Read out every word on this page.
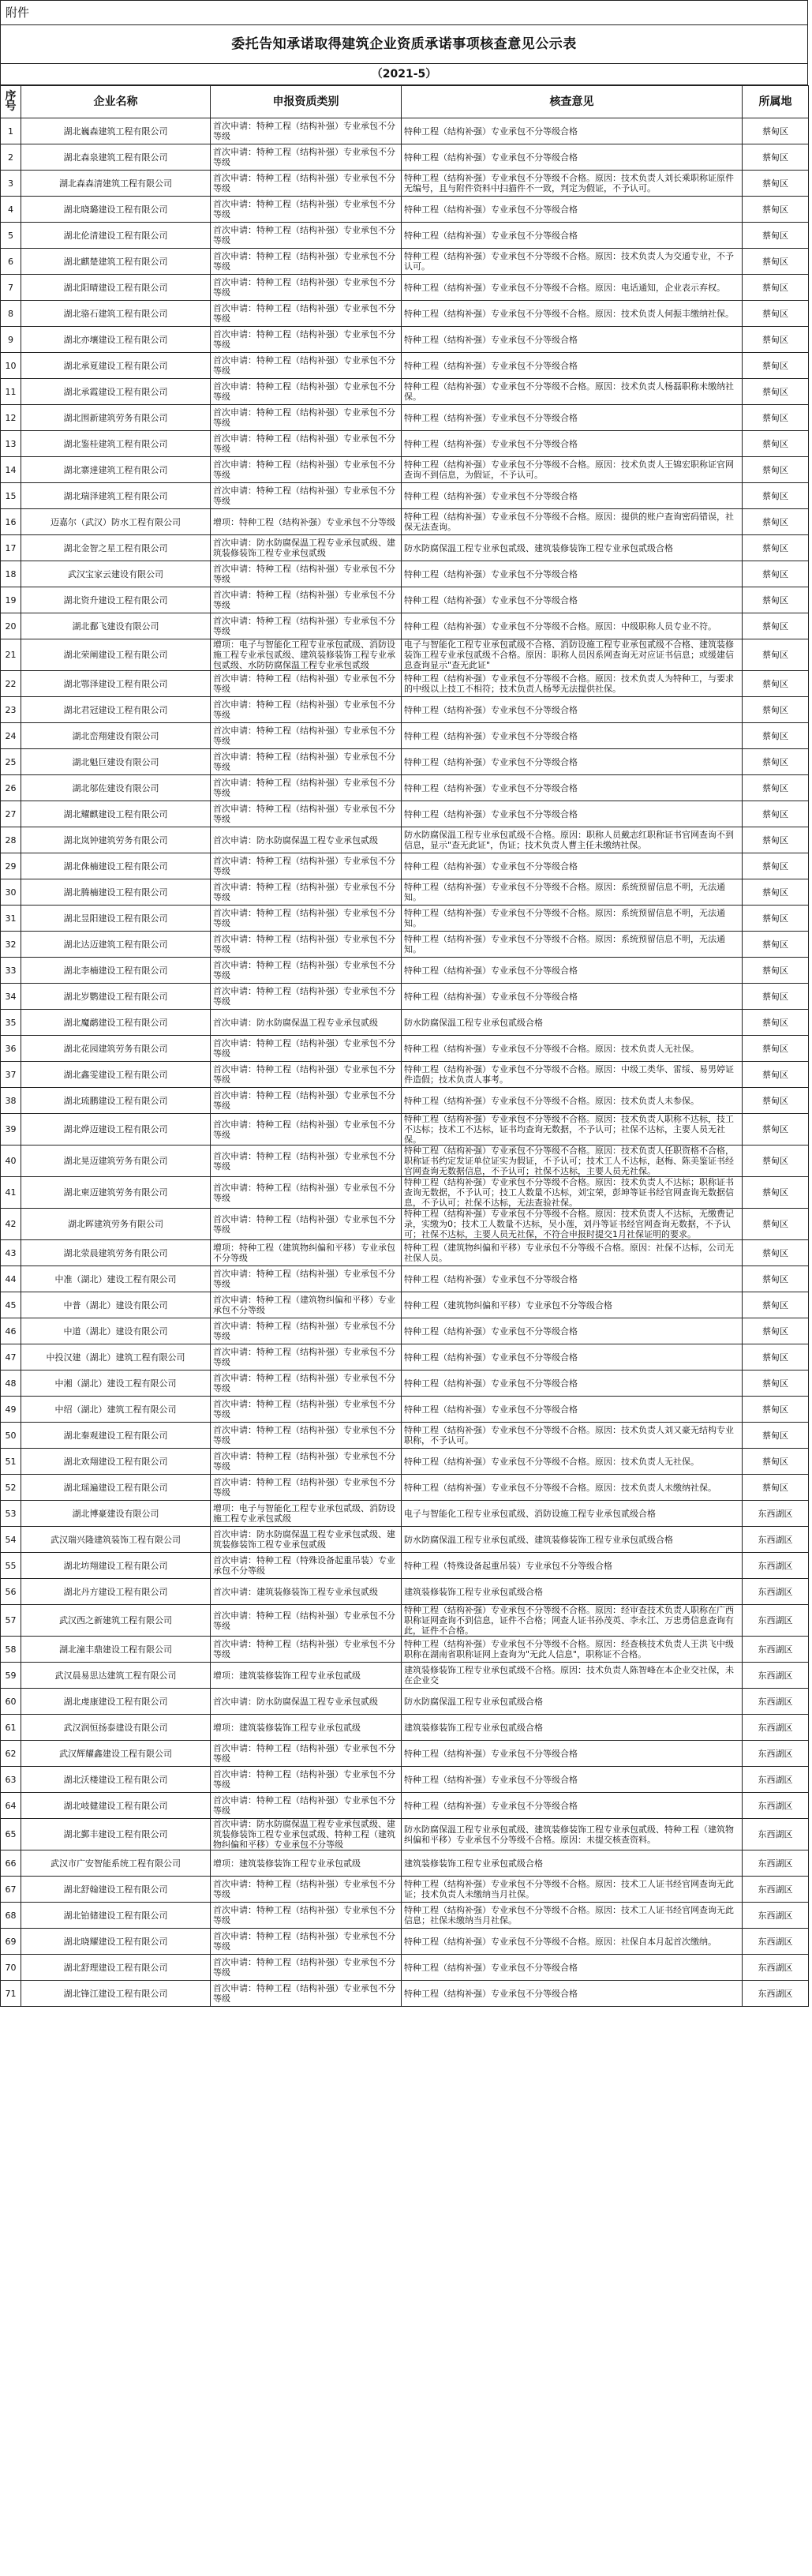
附件
委托告知承诺取得建筑企业资质承诺事项核查意见公示表
（2021-5）
序号	企业名称	申报资质类别	核查意见	所属地
1	湖北巍森建筑工程有限公司	首次申请：特种工程（结构补强）专业承包不分等级	特种工程（结构补强）专业承包不分等级合格	蔡甸区
2	湖北森泉建筑工程有限公司	首次申请：特种工程（结构补强）专业承包不分等级	特种工程（结构补强）专业承包不分等级合格	蔡甸区
3	湖北森森清建筑工程有限公司	首次申请：特种工程（结构补强）专业承包不分等级	特种工程（结构补强）专业承包不分等级不合格。原因：技术负责人刘长乘职称证原件无编号，且与附件资料中扫描件不一致，判定为假证，不予认可。	蔡甸区
4	湖北晓璐建设工程有限公司	首次申请：特种工程（结构补强）专业承包不分等级	特种工程（结构补强）专业承包不分等级合格	蔡甸区
5	湖北伦清建设工程有限公司	首次申请：特种工程（结构补强）专业承包不分等级	特种工程（结构补强）专业承包不分等级合格	蔡甸区
6	湖北麒楚建筑工程有限公司	首次申请：特种工程（结构补强）专业承包不分等级	特种工程（结构补强）专业承包不分等级不合格。原因：技术负责人为交通专业，不予认可。	蔡甸区
7	湖北阳晴建设工程有限公司	首次申请：特种工程（结构补强）专业承包不分等级	特种工程（结构补强）专业承包不分等级不合格。原因：电话通知，企业表示弃权。	蔡甸区
8	湖北骆石建筑工程有限公司	首次申请：特种工程（结构补强）专业承包不分等级	特种工程（结构补强）专业承包不分等级不合格。原因：技术负责人何振丰缴纳社保。	蔡甸区
9	湖北亦壤建设工程有限公司	首次申请：特种工程（结构补强）专业承包不分等级	特种工程（结构补强）专业承包不分等级合格	蔡甸区
10	湖北承夏建设工程有限公司	首次申请：特种工程（结构补强）专业承包不分等级	特种工程（结构补强）专业承包不分等级合格	蔡甸区
11	湖北承霞建设工程有限公司	首次申请：特种工程（结构补强）专业承包不分等级	特种工程（结构补强）专业承包不分等级不合格。原因：技术负责人杨磊职称未缴纳社保。	蔡甸区
12	湖北围新建筑劳务有限公司	首次申请：特种工程（结构补强）专业承包不分等级	特种工程（结构补强）专业承包不分等级合格	蔡甸区
13	湖北鉴桂建筑工程有限公司	首次申请：特种工程（结构补强）专业承包不分等级	特种工程（结构补强）专业承包不分等级合格	蔡甸区
14	湖北寨達建筑工程有限公司	首次申请：特种工程（结构补强）专业承包不分等级	特种工程（结构补强）专业承包不分等级不合格。原因：技术负责人王锦宏职称证官网查询不到信息，为假证，不予认可。	蔡甸区
15	湖北瑞泽建筑工程有限公司	首次申请：特种工程（结构补强）专业承包不分等级	特种工程（结构补强）专业承包不分等级合格	蔡甸区
16	迈嘉尔（武汉）防水工程有限公司	增项：特种工程（结构补强）专业承包不分等级	特种工程（结构补强）专业承包不分等级不合格。原因：提供的账户查询密码错误，社保无法查询。	蔡甸区
17	湖北金智之星工程有限公司	首次申请：防水防腐保温工程专业承包贰级、建筑装修装饰工程专业承包贰级	防水防腐保温工程专业承包贰级、建筑装修装饰工程专业承包贰级合格	蔡甸区
18	武汉宝家云建设有限公司	首次申请：特种工程（结构补强）专业承包不分等级	特种工程（结构补强）专业承包不分等级合格	蔡甸区
19	湖北资升建设工程有限公司	首次申请：特种工程（结构补强）专业承包不分等级	特种工程（结构补强）专业承包不分等级合格	蔡甸区
20	湖北鄱飞建设有限公司	首次申请：特种工程（结构补强）专业承包不分等级	特种工程（结构补强）专业承包不分等级不合格。原因：中级职称人员专业不符。	蔡甸区
21	湖北荣阐建设工程有限公司	增项：电子与智能化工程专业承包贰级、消防设施工程专业承包贰级、建筑装修装饰工程专业承包贰级、水防防腐保温工程专业承包贰级	电子与智能化工程专业承包贰级不合格、消防设施工程专业承包贰级不合格、建筑装修装饰工程专业承包贰级不合格。原因：职称人员因系网查询无对应证书信息；或缓建信息查询显示"查无此证"	蔡甸区
22	湖北鄂泽建设工程有限公司	首次申请：特种工程（结构补强）专业承包不分等级	特种工程（结构补强）专业承包不分等级不合格。原因：技术负责人为特种工，与要求的中级以上技工不相符；技术负责人杨琴无法提供社保。	蔡甸区
23	湖北君冠建设工程有限公司	首次申请：特种工程（结构补强）专业承包不分等级	特种工程（结构补强）专业承包不分等级合格	蔡甸区
24	湖北峦翔建设有限公司	首次申请：特种工程（结构补强）专业承包不分等级	特种工程（结构补强）专业承包不分等级合格	蔡甸区
25	湖北魁巨建设有限公司	首次申请：特种工程（结构补强）专业承包不分等级	特种工程（结构补强）专业承包不分等级合格	蔡甸区
26	湖北邬佐建设有限公司	首次申请：特种工程（结构补强）专业承包不分等级	特种工程（结构补强）专业承包不分等级合格	蔡甸区
27	湖北耀麒建设工程有限公司	首次申请：特种工程（结构补强）专业承包不分等级	特种工程（结构补强）专业承包不分等级合格	蔡甸区
28	湖北岚钟建筑劳务有限公司	首次申请：防水防腐保温工程专业承包贰级	防水防腐保温工程专业承包贰级不合格。原因：职称人员戴志红职称证书官网查询不到信息，显示"查无此证"，伪证；技术负责人曹主任未缴纳社保。	蔡甸区
29	湖北侏楠建设工程有限公司	首次申请：特种工程（结构补强）专业承包不分等级	特种工程（结构补强）专业承包不分等级合格	蔡甸区
30	湖北腾楠建设工程有限公司	首次申请：特种工程（结构补强）专业承包不分等级	特种工程（结构补强）专业承包不分等级不合格。原因：系统预留信息不明，无法通知。	蔡甸区
31	湖北昱阳建设工程有限公司	首次申请：特种工程（结构补强）专业承包不分等级	特种工程（结构补强）专业承包不分等级不合格。原因：系统预留信息不明，无法通知。	蔡甸区
32	湖北达迈建筑工程有限公司	首次申请：特种工程（结构补强）专业承包不分等级	特种工程（结构补强）专业承包不分等级不合格。原因：系统预留信息不明，无法通知。	蔡甸区
33	湖北李楠建设工程有限公司	首次申请：特种工程（结构补强）专业承包不分等级	特种工程（结构补强）专业承包不分等级合格	蔡甸区
34	湖北岁鹦建设工程有限公司	首次申请：特种工程（结构补强）专业承包不分等级	特种工程（结构补强）专业承包不分等级合格	蔡甸区
35	湖北魔鹬建设工程有限公司	首次申请：防水防腐保温工程专业承包贰级	防水防腐保温工程专业承包贰级合格	蔡甸区
36	湖北花园建筑劳务有限公司	首次申请：特种工程（结构补强）专业承包不分等级	特种工程（结构补强）专业承包不分等级不合格。原因：技术负责人无社保。	蔡甸区
37	湖北鑫雯建设工程有限公司	首次申请：特种工程（结构补强）专业承包不分等级	特种工程（结构补强）专业承包不分等级不合格。原因：中级工类华、雷绥、易男婷证件造假；技术负责人事考。	蔡甸区
38	湖北琉鹏建设工程有限公司	首次申请：特种工程（结构补强）专业承包不分等级	特种工程（结构补强）专业承包不分等级不合格。原因：技术负责人未参保。	蔡甸区
39	湖北烨迈建设工程有限公司	首次申请：特种工程（结构补强）专业承包不分等级	特种工程（结构补强）专业承包不分等级不合格。原因：技术负责人职称不达标，技工不达标；技术工不达标，证书均查询无数据，不予认可；社保不达标，主要人员无社保。	蔡甸区
40	湖北晃迈建筑劳务有限公司	首次申请：特种工程（结构补强）专业承包不分等级	特种工程（结构补强）专业承包不分等级不合格。原因：技术负责人任职资格不合格，职称证书约定发证单位证实为假证，不予认可；技术工人不达标，赵梅、陈美鉴证书经官网查询无数据信息，不予认可；社保不达标，主要人员无社保。	蔡甸区
41	湖北柬迈建筑劳务有限公司	首次申请：特种工程（结构补强）专业承包不分等级	特种工程（结构补强）专业承包不分等级不合格。原因：技术负责人不达标；职称证书查询无数据，不予认可；技工人数量不达标，刘宝荣，彭坤等证书经官网查询无数据信息，不予认可；社保不达标，无法查验社保。	蔡甸区
42	湖北晖建筑劳务有限公司	首次申请：特种工程（结构补强）专业承包不分等级	特种工程（结构补强）专业承包不分等级不合格。原因：技术负责人不达标，无缴费记录，实缴为0；技术工人数量不达标，吴小莲，刘丹等证书经官网查询无数据，不予认可；社保不达标，主要人员无社保，不符合申报时提交1月社保证明的要求。	蔡甸区
43	湖北荥晨建筑劳务有限公司	增项：特种工程（建筑物纠偏和平移）专业承包不分等级	特种工程（建筑物纠偏和平移）专业承包不分等级不合格。原因：社保不达标，公司无社保人员。	蔡甸区
44	中准（湖北）建设工程有限公司	首次申请：特种工程（结构补强）专业承包不分等级	特种工程（结构补强）专业承包不分等级合格	蔡甸区
45	中普（湖北）建设有限公司	首次申请：特种工程（建筑物纠偏和平移）专业承包不分等级	特种工程（建筑物纠偏和平移）专业承包不分等级合格	蔡甸区
46	中道（湖北）建设有限公司	首次申请：特种工程（结构补强）专业承包不分等级	特种工程（结构补强）专业承包不分等级合格	蔡甸区
47	中投汉建（湖北）建筑工程有限公司	首次申请：特种工程（结构补强）专业承包不分等级	特种工程（结构补强）专业承包不分等级合格	蔡甸区
48	中湘（湖北）建设工程有限公司	首次申请：特种工程（结构补强）专业承包不分等级	特种工程（结构补强）专业承包不分等级合格	蔡甸区
49	中绍（湖北）建筑工程有限公司	首次申请：特种工程（结构补强）专业承包不分等级	特种工程（结构补强）专业承包不分等级合格	蔡甸区
50	湖北秦观建设工程有限公司	首次申请：特种工程（结构补强）专业承包不分等级	特种工程（结构补强）专业承包不分等级不合格。原因：技术负责人刘又豪无结构专业职称，不予认可。	蔡甸区
51	湖北欢翔建设工程有限公司	首次申请：特种工程（结构补强）专业承包不分等级	特种工程（结构补强）专业承包不分等级不合格。原因：技术负责人无社保。	蔡甸区
52	湖北瑶遍建设工程有限公司	首次申请：特种工程（结构补强）专业承包不分等级	特种工程（结构补强）专业承包不分等级不合格。原因：技术负责人未缴纳社保。	蔡甸区
53	湖北博豪建设有限公司	增项：电子与智能化工程专业承包贰级、消防设施工程专业承包贰级	电子与智能化工程专业承包贰级、消防设施工程专业承包贰级合格	东西湖区
54	武汉瑞兴隆建筑装饰工程有限公司	首次申请：防水防腐保温工程专业承包贰级、建筑装修装饰工程专业承包贰级	防水防腐保温工程专业承包贰级、建筑装修装饰工程专业承包贰级合格	东西湖区
55	湖北坊翔建设工程有限公司	首次申请：特种工程（特殊设备起重吊装）专业承包不分等级	特种工程（特殊设备起重吊装）专业承包不分等级合格	东西湖区
56	湖北丹方建设工程有限公司	首次申请：建筑装修装饰工程专业承包贰级	建筑装修装饰工程专业承包贰级合格	东西湖区
57	武汉西之新建筑工程有限公司	首次申请：特种工程（结构补强）专业承包不分等级	特种工程（结构补强）专业承包不分等级不合格。原因：经审查技术负责人职称在广西职称证网查询不到信息，证件不合格；网查人证书孙茂英、李永江、万忠勇信息查询有此，证件不合格。	东西湖区
58	湖北潼丰鼎建设工程有限公司	首次申请：特种工程（结构补强）专业承包不分等级	特种工程（结构补强）专业承包不分等级不合格。原因：经查核技术负责人王洪飞中级职称在湖南省职称证网上查询为"无此人信息"，职称证不合格。	东西湖区
59	武汉晨易思达建筑工程有限公司	增项：建筑装修装饰工程专业承包贰级	建筑装修装饰工程专业承包贰级不合格。原因：技术负责人陈智峰在本企业交社保，未在企业交	东西湖区
60	湖北虔康建设工程有限公司	首次申请：防水防腐保温工程专业承包贰级	防水防腐保温工程专业承包贰级合格	东西湖区
61	武汉润恒扬泰建设有限公司	增项：建筑装修装饰工程专业承包贰级	建筑装修装饰工程专业承包贰级合格	东西湖区
62	武汉辉耀鑫建设工程有限公司	首次申请：特种工程（结构补强）专业承包不分等级	特种工程（结构补强）专业承包不分等级合格	东西湖区
63	湖北沃楼建设工程有限公司	首次申请：特种工程（结构补强）专业承包不分等级	特种工程（结构补强）专业承包不分等级合格	东西湖区
64	湖北岐健建设工程有限公司	首次申请：特种工程（结构补强）专业承包不分等级	特种工程（结构补强）专业承包不分等级合格	东西湖区
65	湖北鄞丰建设工程有限公司	首次申请：防水防腐保温工程专业承包贰级、建筑装修装饰工程专业承包贰级、特种工程（建筑物纠偏和平移）专业承包不分等级	防水防腐保温工程专业承包贰级、建筑装修装饰工程专业承包贰级、特种工程（建筑物纠偏和平移）专业承包不分等级不合格。原因：未提交核查资料。	东西湖区
66	武汉市广安智能系统工程有限公司	增项：建筑装修装饰工程专业承包贰级	建筑装修装饰工程专业承包贰级合格	东西湖区
67	湖北舒翰建设工程有限公司	首次申请：特种工程（结构补强）专业承包不分等级	特种工程（结构补强）专业承包不分等级不合格。原因：技术工人证书经官网查询无此证；技术负责人未缴纳当月社保。	东西湖区
68	湖北铂储建设工程有限公司	首次申请：特种工程（结构补强）专业承包不分等级	特种工程（结构补强）专业承包不分等级不合格。原因：技术工人证书经官网查询无此信息；社保未缴纳当月社保。	东西湖区
69	湖北晓耀建设工程有限公司	首次申请：特种工程（结构补强）专业承包不分等级	特种工程（结构补强）专业承包不分等级不合格。原因：社保自本月起首次缴纳。	东西湖区
70	湖北舒理建设工程有限公司	首次申请：特种工程（结构补强）专业承包不分等级	特种工程（结构补强）专业承包不分等级合格	东西湖区
71	湖北锋江建设工程有限公司	首次申请：特种工程（结构补强）专业承包不分等级	特种工程（结构补强）专业承包不分等级合格	东西湖区
